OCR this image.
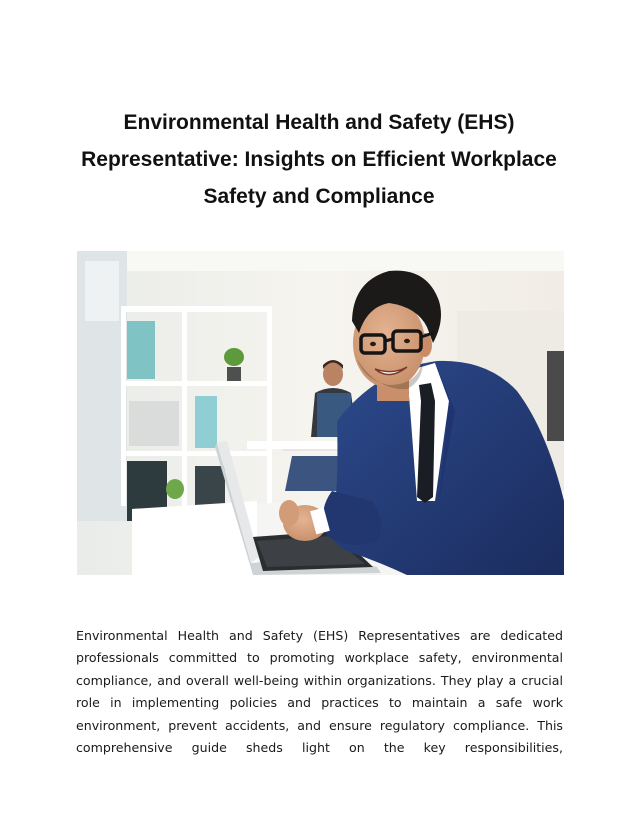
Environmental Health and Safety (EHS)
Representative: Insights on Efficient Workplace
Safety and Compliance

Environmental Health and Safety (EHS) Representatives are dedicated professionals committed to promoting workplace safety, environmental compliance, and overall well-being within organizations. They play a crucial role in implementing policies and practices to maintain a safe work environment, prevent accidents, and ensure regulatory compliance. This comprehensive guide sheds light on the key responsibilities,
